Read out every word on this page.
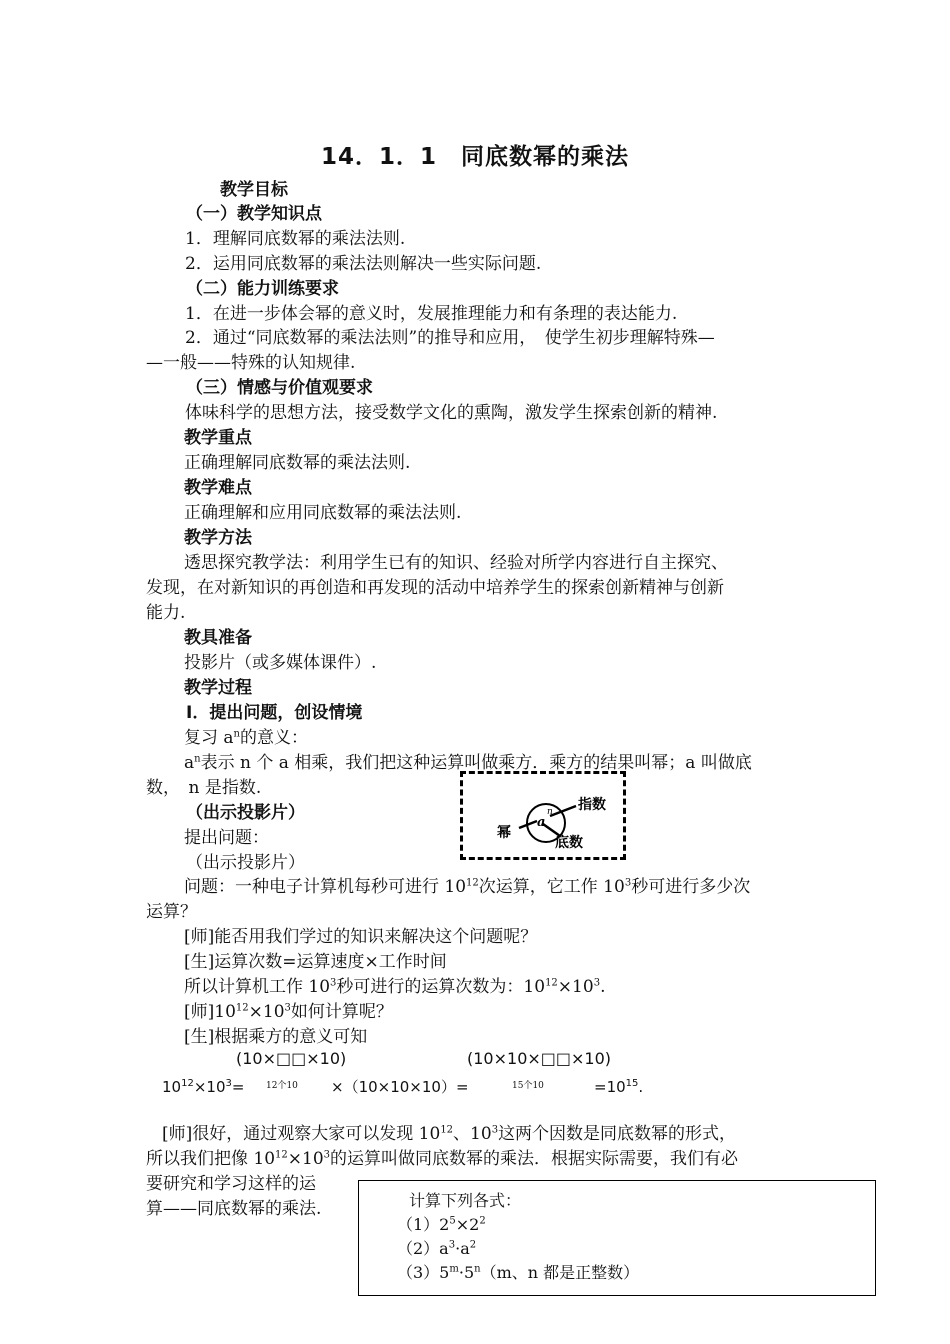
14．1．1　同底数幂的乘法
教学目标
（一）教学知识点
1．理解同底数幂的乘法法则.
2．运用同底数幂的乘法法则解决一些实际问题.
（二）能力训练要求
1．在进一步体会幂的意义时，发展推理能力和有条理的表达能力.
2．通过“同底数幂的乘法法则”的推导和应用，　使学生初步理解特殊—
—一般——特殊的认知规律.
（三）情感与价值观要求
体味科学的思想方法，接受数学文化的熏陶，激发学生探索创新的精神.
教学重点
正确理解同底数幂的乘法法则.
教学难点
正确理解和应用同底数幂的乘法法则.
教学方法
透思探究教学法：利用学生已有的知识、经验对所学内容进行自主探究、
发现，在对新知识的再创造和再发现的活动中培养学生的探索创新精神与创新
能力.
教具准备
投影片（或多媒体课件）.
教学过程
Ⅰ．提出问题，创设情境
复习 $a^n$的意义：
$a^n$表示 n 个 a 相乘，我们把这种运算叫做乘方．乘方的结果叫幂；a 叫做底
数，　n 是指数.
（出示投影片）
提出问题：
（出示投影片）
n
a
指数
幂
底数
问题：一种电子计算机每秒可进行 $10^{12}$次运算，它工作 $10^3$秒可进行多少次
运算？
[师]能否用我们学过的知识来解决这个问题呢？
[生]运算次数=运算速度×工作时间
所以计算机工作 $10^3$秒可进行的运算次数为：$10^{12}\times 10^3$.
[师]$10^{12}\times 10^3$如何计算呢？
[生]根据乘方的意义可知
(10×□□×10)	(10×10×□□×10)
$10^{12}\times 10^3= 12$个10 ×（10×10×10）=	15个10	$=10^{15}$.
[师]很好，通过观察大家可以发现 $10^{12}$、$10^3$这两个因数是同底数幂的形式，
所以我们把像 $10^{12}\times 10^3$的运算叫做同底数幂的乘法．根据实际需要，我们有必
要研究和学习这样的运
算——同底数幂的乘法.	计算下列各式：
$(1)2^5\times 2^2$
$(2)a^3\cdot a^2$
$(3)5^m\cdot 5^n(m$、n 都是正整数）
